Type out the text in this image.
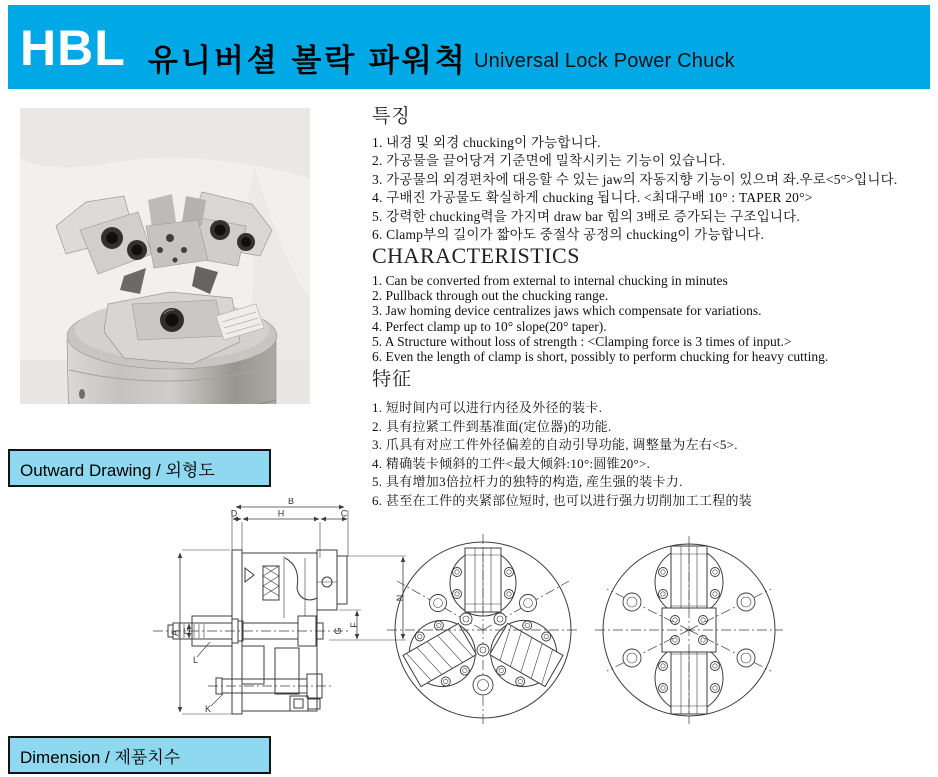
HBL 유니버셜 볼락 파워척 Universal Lock Power Chuck
특징
1. 내경 및 외경 chucking이 가능합니다.
2. 가공물을 끌어당겨 기준면에 밀착시키는 기능이 있습니다.
3. 가공물의 외경편차에 대응할 수 있는 jaw의 자동지향 기능이 있으며 좌.우로<5°>입니다.
4. 구배진 가공물도 확실하게 chucking 됩니다. <최대구배 10° : TAPER 20°>
5. 강력한 chucking력을 가지며 draw bar 힘의 3배로 증가되는 구조입니다.
6. Clamp부의 길이가 짧아도 중절삭 공정의 chucking이 가능합니다.
CHARACTERISTICS
1. Can be converted from external to internal chucking in minutes
2. Pullback through out the chucking range.
3. Jaw homing device centralizes jaws which compensate for variations.
4. Perfect clamp up to 10° slope(20° taper).
5. A Structure without loss of strength : <Clamping force is 3 times of input.>
6. Even the length of clamp is short, possibly to perform chucking for heavy cutting.
特征
1. 短时间内可以进行内径及外径的装卡.
2. 具有拉紧工件到基准面(定位器)的功能.
3. 爪具有对应工件外径偏差的自动引导功能, 调整量为左右<5>.
4. 精确装卡倾斜的工件<最大倾斜:10°:圆锥20°>.
5. 具有增加3倍拉杆力的独特的构造, 産生强的装卡力.
6. 甚至在工件的夹紧部位短时, 也可以进行强力切削加工工程的装
Outward Drawing / 외형도
B
D	H	C
A G
N
F
G
L
K
Dimension / 제품치수
